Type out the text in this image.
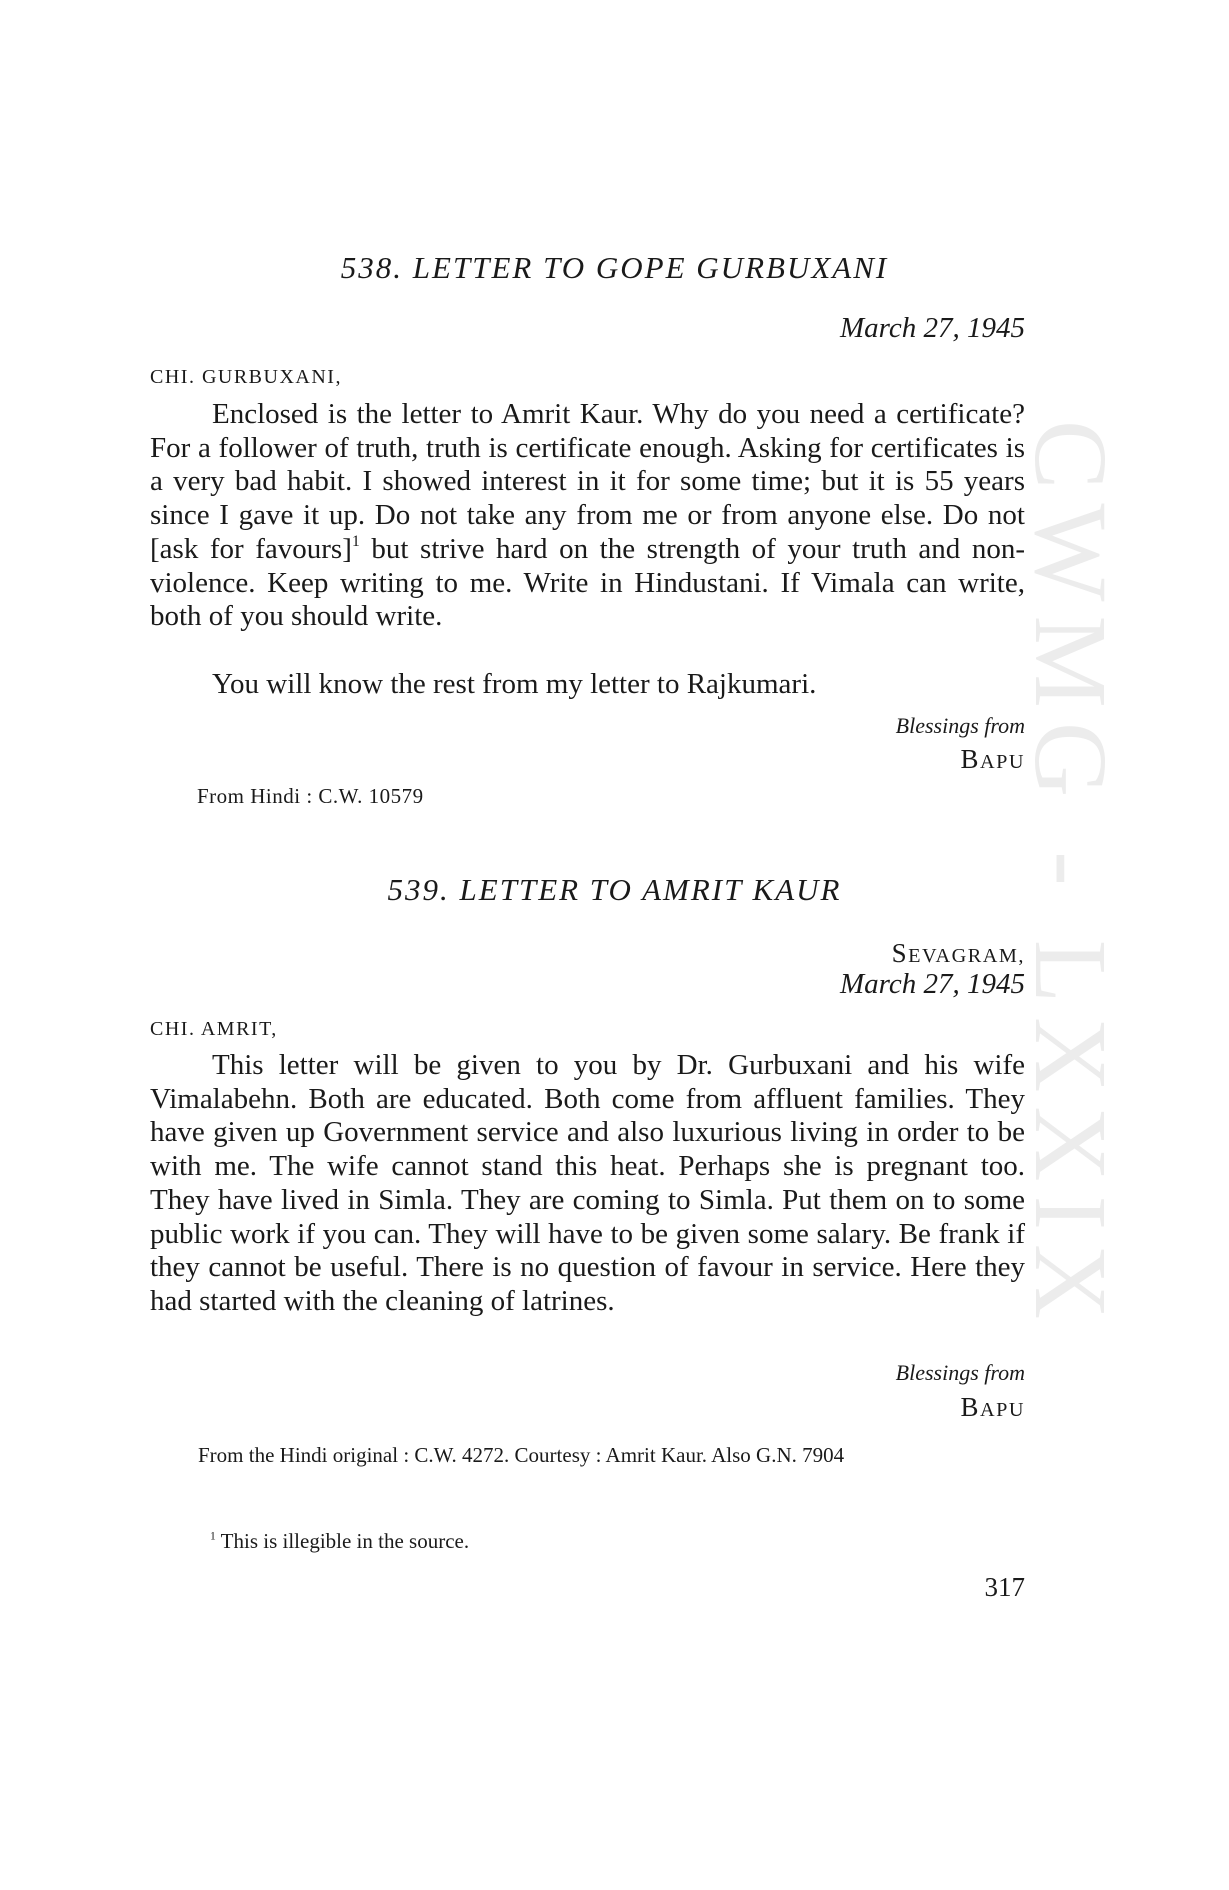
CWMG - LXXIX
538. LETTER TO GOPE GURBUXANI
March 27, 1945
CHI. GURBUXANI,

Enclosed is the letter to Amrit Kaur. Why do you need a certificate? For a follower of truth, truth is certificate enough. Asking for certificates is a very bad habit. I showed interest in it for some time; but it is 55 years since I gave it up. Do not take any from me or from anyone else. Do not [ask for favours]$^1$ but strive hard on the strength of your truth and non-violence. Keep writing to me. Write in Hindustani. If Vimala can write, both of you should write.

You will know the rest from my letter to Rajkumari.

Blessings from
BAPU
From Hindi : C.W. 10579
539. LETTER TO AMRIT KAUR
SEVAGRAM,
March 27, 1945
CHI. AMRIT,

This letter will be given to you by Dr. Gurbuxani and his wife Vimalabehn. Both are educated. Both come from affluent families. They have given up Government service and also luxurious living in order to be with me. The wife cannot stand this heat. Perhaps she is pregnant too. They have lived in Simla. They are coming to Simla. Put them on to some public work if you can. They will have to be given some salary. Be frank if they cannot be useful. There is no question of favour in service. Here they had started with the cleaning of latrines.

Blessings from
BAPU

From the Hindi original : C.W. 4272. Courtesy : Amrit Kaur. Also G.N. 7904

$^1$ This is illegible in the source.
317
